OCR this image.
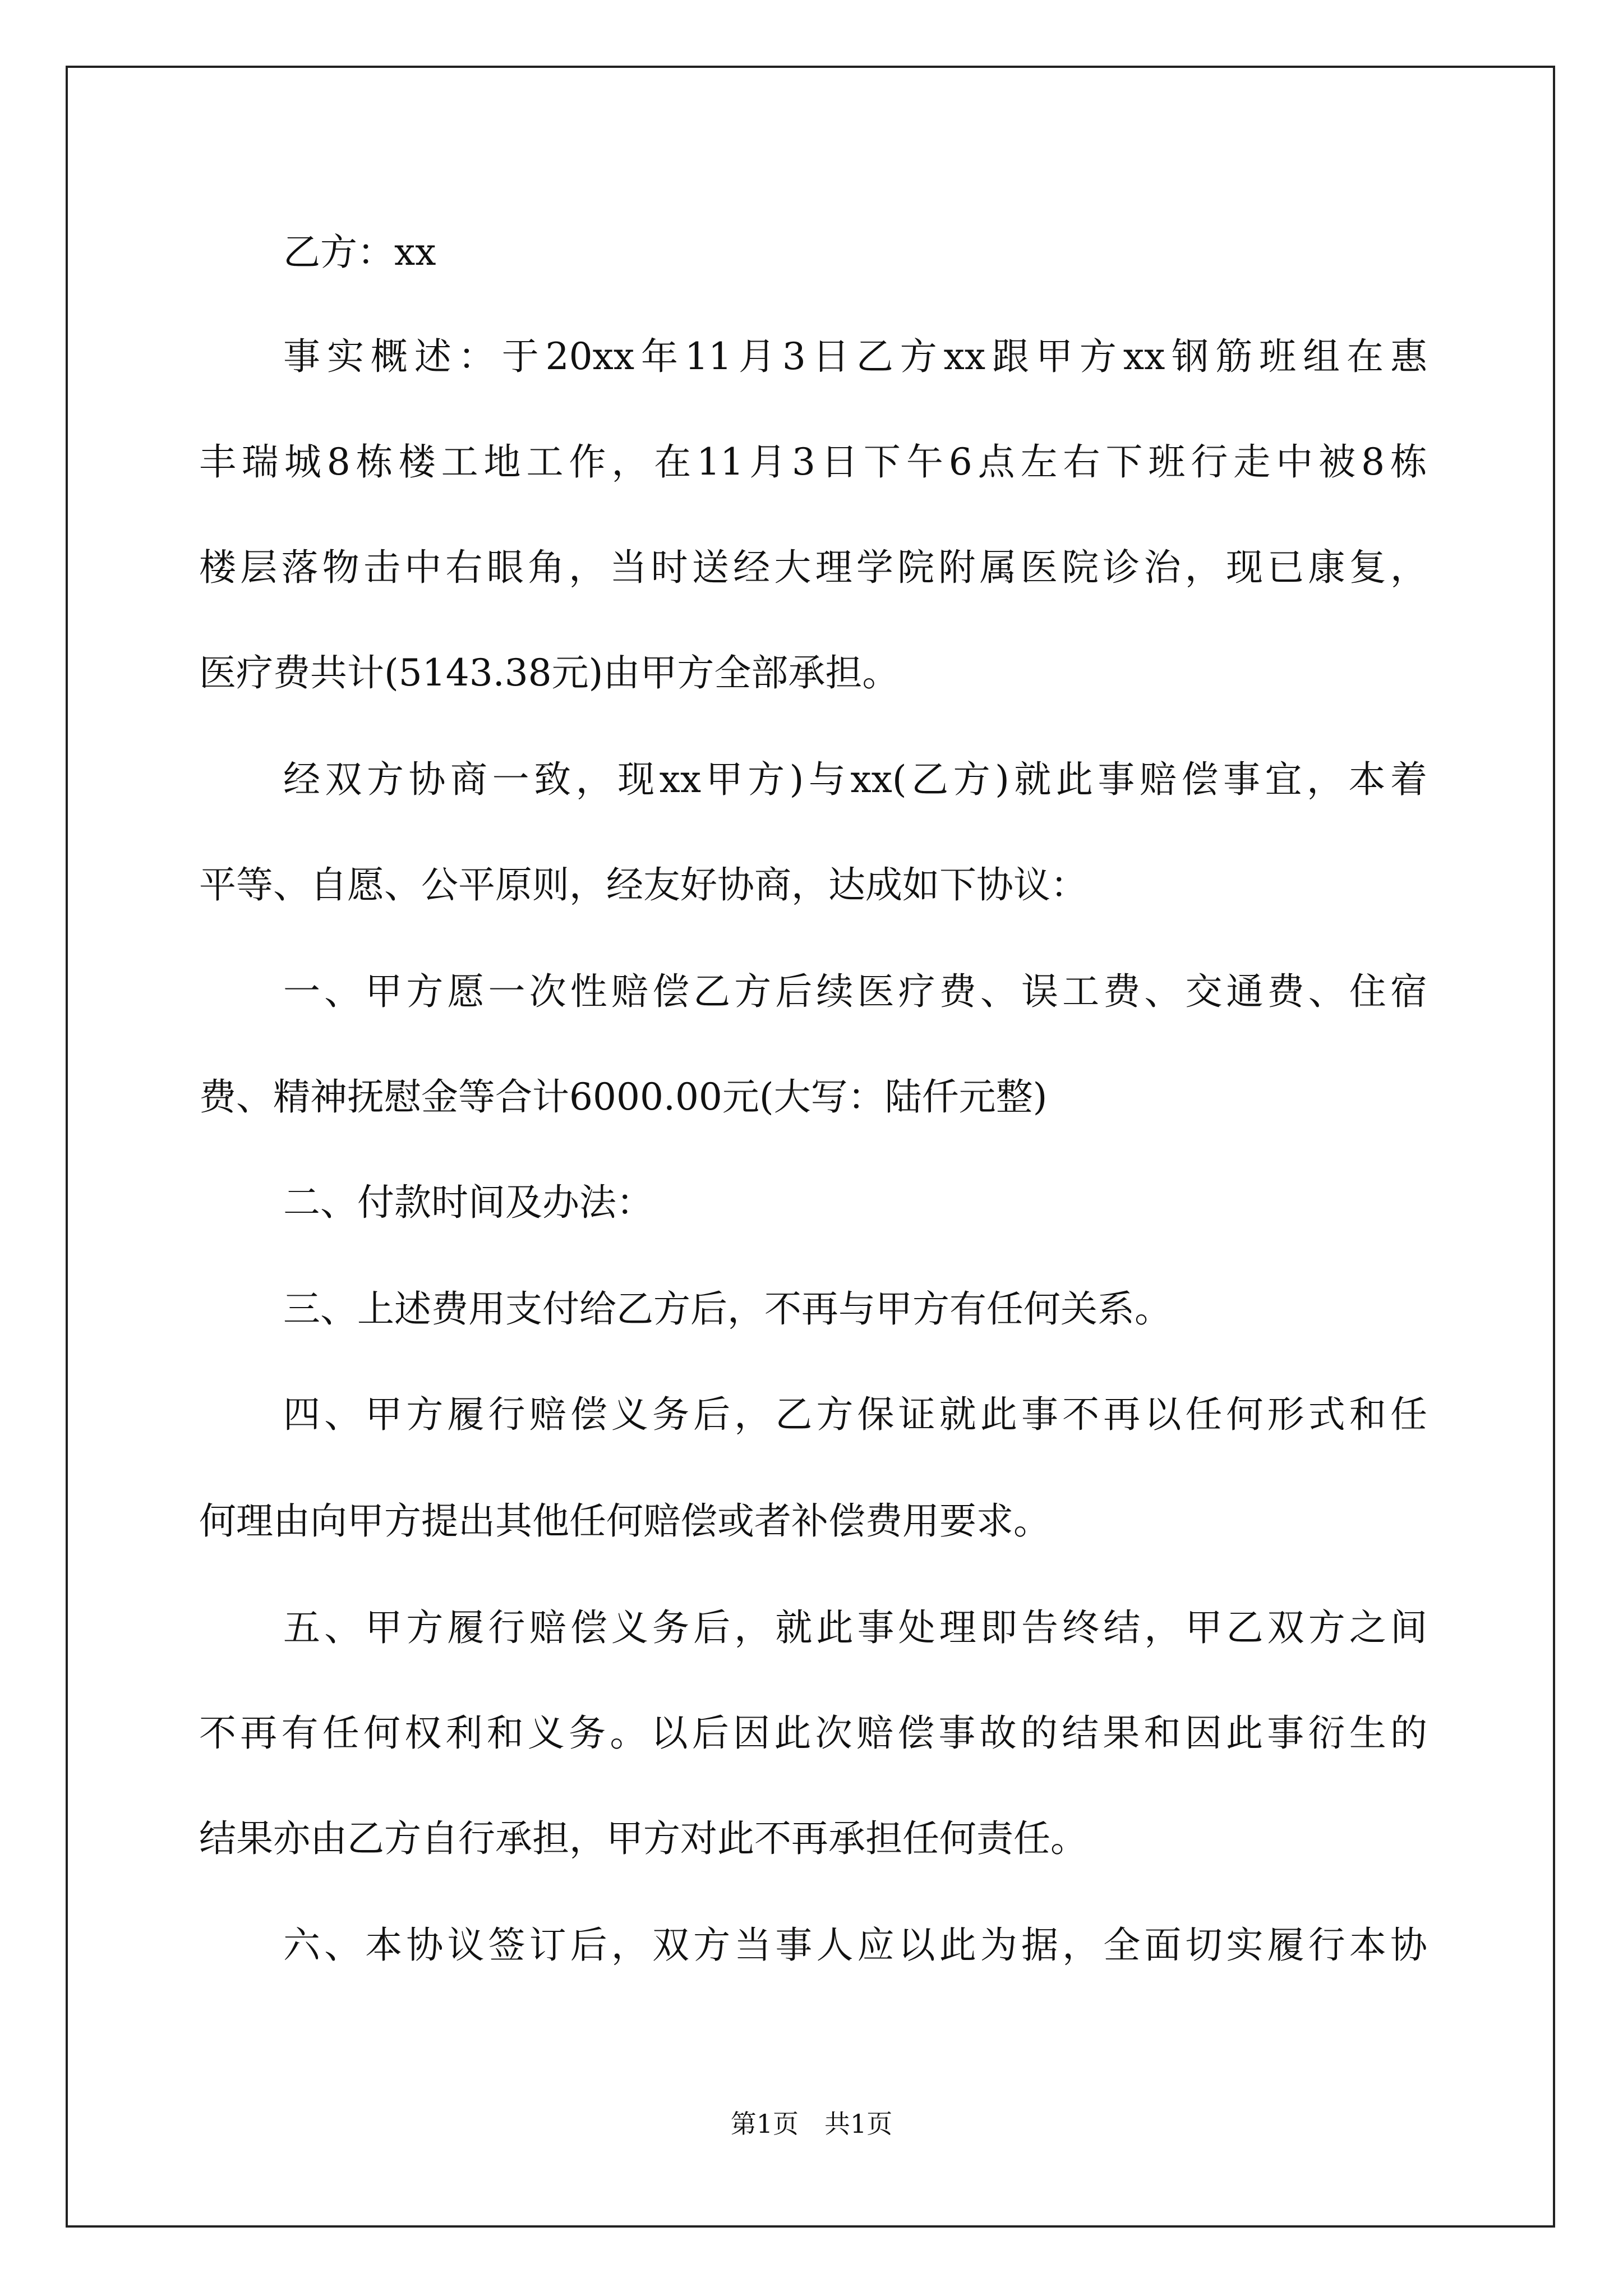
乙方：xx
事实概述：于20xx年11月3日乙方xx跟甲方xx钢筋班组在惠
丰瑞城8栋楼工地工作，在11月3日下午6点左右下班行走中被8栋
楼层落物击中右眼角，当时送经大理学院附属医院诊治，现已康复，
医疗费共计(5143.38元)由甲方全部承担。
经双方协商一致，现xx甲方)与xx(乙方)就此事赔偿事宜，本着
平等、自愿、公平原则，经友好协商，达成如下协议：
一、甲方愿一次性赔偿乙方后续医疗费、误工费、交通费、住宿
费、精神抚慰金等合计6000.00元(大写：陆仟元整)
二、付款时间及办法：
三、上述费用支付给乙方后，不再与甲方有任何关系。
四、甲方履行赔偿义务后，乙方保证就此事不再以任何形式和任
何理由向甲方提出其他任何赔偿或者补偿费用要求。
五、甲方履行赔偿义务后，就此事处理即告终结，甲乙双方之间
不再有任何权利和义务。以后因此次赔偿事故的结果和因此事衍生的
结果亦由乙方自行承担，甲方对此不再承担任何责任。
六、本协议签订后，双方当事人应以此为据，全面切实履行本协
第1页　共1页
